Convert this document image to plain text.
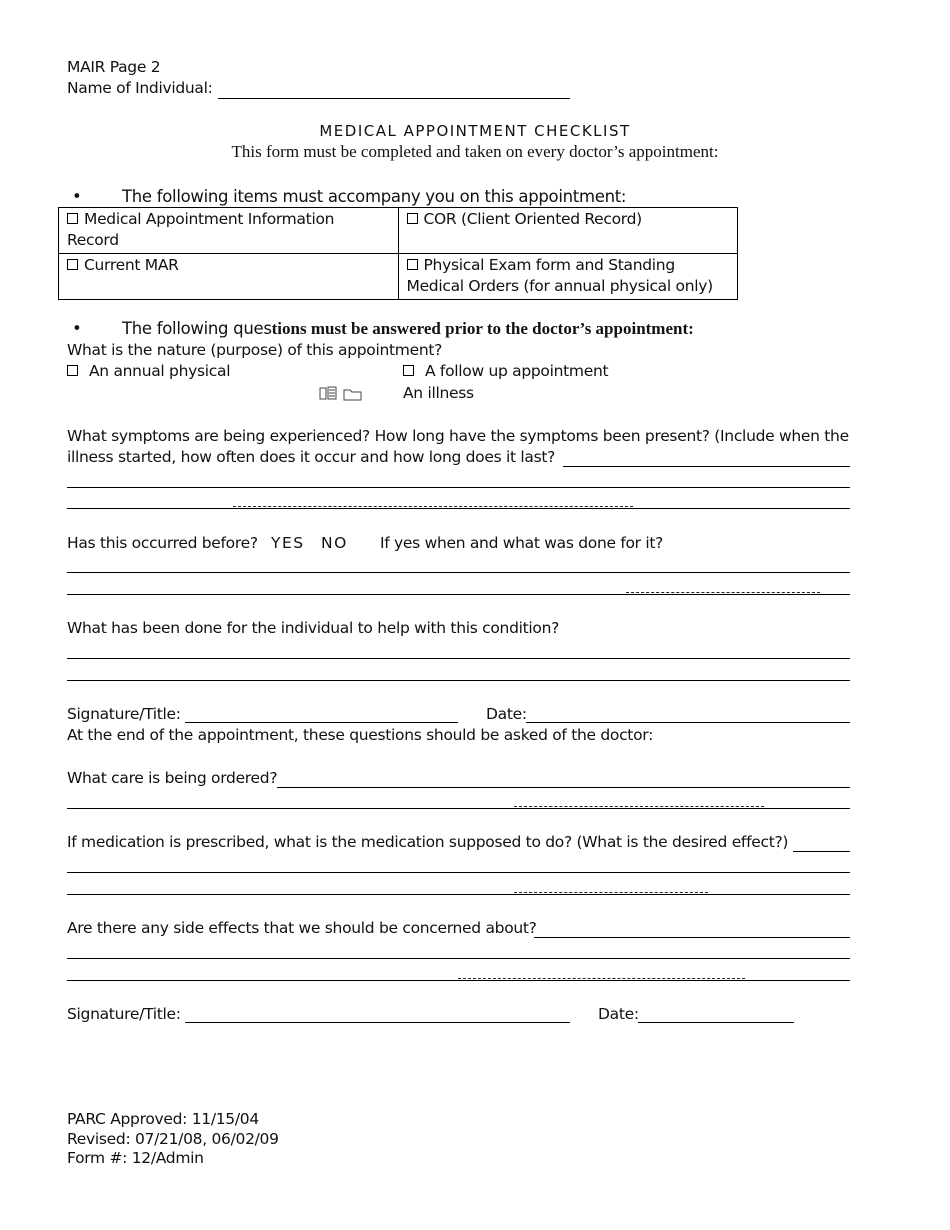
MAIR Page 2
Name of Individual:
MEDICAL APPOINTMENT CHECKLIST
This form must be completed and taken on every doctor’s appointment:
• The following items must accompany you on this appointment:
Medical Appointment Information Record	COR (Client Oriented Record)
Current MAR	Physical Exam form and Standing Medical Orders (for annual physical only)
• The following questions must be answered prior to the doctor’s appointment:
What is the nature (purpose) of this appointment?
An annual physical	A follow up appointment
An illness
What symptoms are being experienced? How long have the symptoms been present? (Include when the
illness started, how often does it occur and how long does it last?
Has this occurred before? YES NO If yes when and what was done for it?
What has been done for the individual to help with this condition?
Signature/Title:	Date:
At the end of the appointment, these questions should be asked of the doctor:
What care is being ordered?
If medication is prescribed, what is the medication supposed to do? (What is the desired effect?)
Are there any side effects that we should be concerned about?
Signature/Title:	Date:
PARC Approved: 11/15/04
Revised: 07/21/08, 06/02/09
Form #: 12/Admin
